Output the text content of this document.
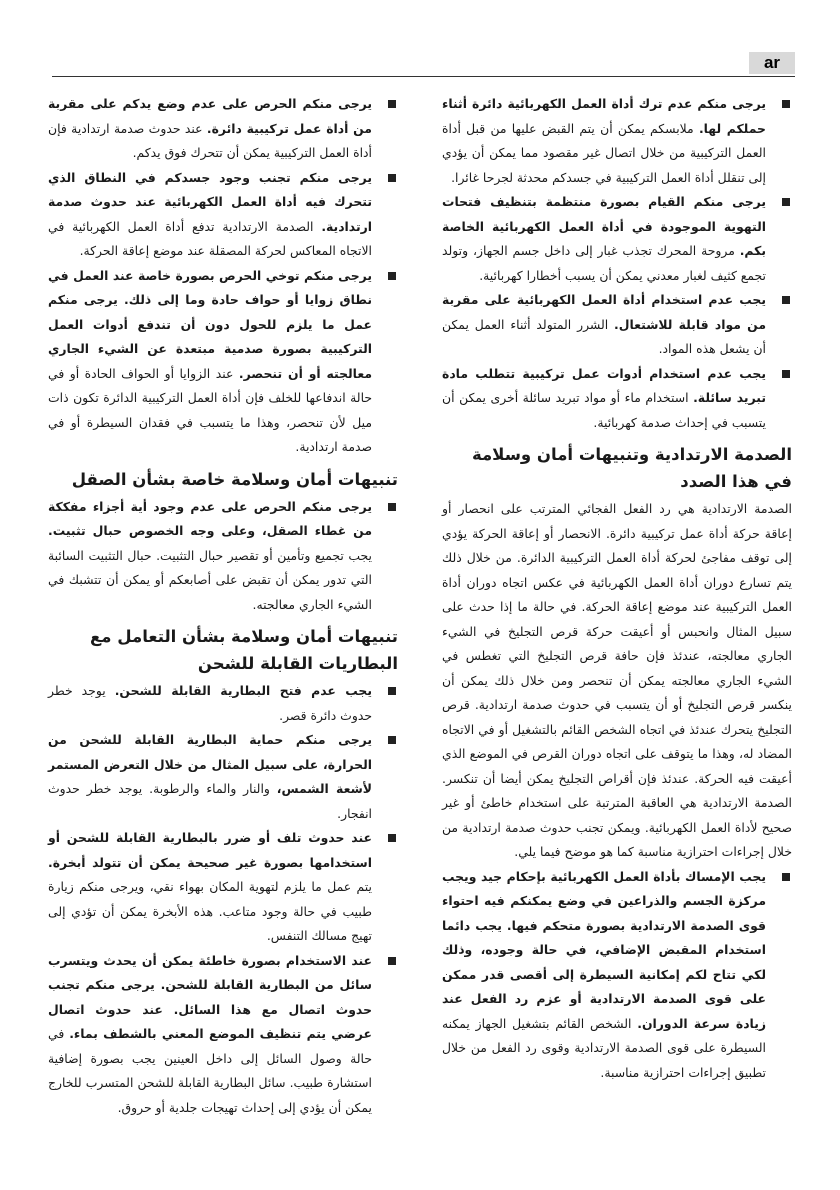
ar
يرجى منكم عدم ترك أداة العمل الكهربائية دائرة أثناء حملكم لها. ملابسكم يمكن أن يتم القبض عليها من قبل أداة العمل التركيبية من خلال اتصال غير مقصود مما يمكن أن يؤدي إلى تنقلل أداة العمل التركيبية في جسدكم محدثة لجرحا غائرا.
يرجى منكم القيام بصورة منتظمة بتنظيف فتحات التهوية الموجودة في أداة العمل الكهربائية الخاصة بكم. مروحة المحرك تجذب غبار إلى داخل جسم الجهاز، وتولد تجمع كثيف لغبار معدني يمكن أن يسبب أخطارا كهربائية.
يجب عدم استخدام أداة العمل الكهربائية على مقربة من مواد قابلة للاشتعال. الشرر المتولد أثناء العمل يمكن أن يشعل هذه المواد.
يجب عدم استخدام أدوات عمل تركيبية تتطلب مادة تبريد سائلة. استخدام ماء أو مواد تبريد سائلة أخرى يمكن أن يتسبب في إحداث صدمة كهربائية.
الصدمة الارتدادية وتنبيهات أمان وسلامة في هذا الصدد

الصدمة الارتدادية هي رد الفعل الفجائي المترتب على انحصار أو إعاقة حركة أداة عمل تركيبية دائرة. الانحصار أو إعاقة الحركة يؤدي إلى توقف مفاجئ لحركة أداة العمل التركيبية الدائرة. من خلال ذلك يتم تسارع دوران أداة العمل الكهربائية في عكس اتجاه دوران أداة العمل التركيبية عند موضع إعاقة الحركة. في حالة ما إذا حدث على سبيل المثال وانحبس أو أعيقت حركة قرص التجليخ في الشيء الجاري معالجته، عندئذ فإن حافة قرص التجليخ التي تغطس في الشيء الجاري معالجته يمكن أن تنحصر ومن خلال ذلك يمكن أن ينكسر قرص التجليخ أو أن يتسبب في حدوث صدمة ارتدادية. قرص التجليخ يتحرك عندئذ في اتجاه الشخص القائم بالتشغيل أو في الاتجاه المضاد له، وهذا ما يتوقف على اتجاه دوران القرص في الموضع الذي أعيقت فيه الحركة. عندئذ فإن أقراص التجليخ يمكن أيضا أن تنكسر. الصدمة الارتدادية هي العاقبة المترتبة على استخدام خاطئ أو غير صحيح لأداة العمل الكهربائية. ويمكن تجنب حدوث صدمة ارتدادية من خلال إجراءات احترازية مناسبة كما هو موضح فيما يلي.

يجب الإمساك بأداة العمل الكهربائية بإحكام جيد ويجب مركزة الجسم والذراعين في وضع يمكنكم فيه احتواء قوى الصدمة الارتدادية بصورة متحكم فيها. يجب دائما استخدام المقبض الإضافي، في حالة وجوده، وذلك لكي تتاح لكم إمكانية السيطرة إلى أقصى قدر ممكن على قوى الصدمة الارتدادية أو عزم رد الفعل عند زيادة سرعة الدوران. الشخص القائم بتشغيل الجهاز يمكنه السيطرة على قوى الصدمة الارتدادية وقوى رد الفعل من خلال تطبيق إجراءات احترازية مناسبة.
يرجى منكم الحرص على عدم وضع يدكم على مقربة من أداة عمل تركيبية دائرة. عند حدوث صدمة ارتدادية فإن أداة العمل التركيبية يمكن أن تتحرك فوق يدكم.
يرجى منكم تجنب وجود جسدكم في النطاق الذي تتحرك فيه أداة العمل الكهربائية عند حدوث صدمة ارتدادية. الصدمة الارتدادية تدفع أداة العمل الكهربائية في الاتجاه المعاكس لحركة المصقلة عند موضع إعاقة الحركة.
يرجى منكم توخي الحرص بصورة خاصة عند العمل في نطاق زوايا أو حواف حادة وما إلى ذلك. يرجى منكم عمل ما يلزم للحول دون أن تندفع أدوات العمل التركيبية بصورة صدمية مبتعدة عن الشيء الجاري معالجته أو أن تنحصر. عند الزوايا أو الحواف الحادة أو في حالة اندفاعها للخلف فإن أداة العمل التركيبية الدائرة تكون ذات ميل لأن تنحصر، وهذا ما يتسبب في فقدان السيطرة أو في صدمة ارتدادية.
تنبيهات أمان وسلامة خاصة بشأن الصقل
يرجى منكم الحرص على عدم وجود أية أجزاء مفككة من غطاء الصقل، وعلى وجه الخصوص حبال تثبيت. يجب تجميع وتأمين أو تقصير حبال التثبيت. حبال التثبيت السائبة التي تدور يمكن أن تقبض على أصابعكم أو يمكن أن تتشبك في الشيء الجاري معالجته.
تنبيهات أمان وسلامة بشأن التعامل مع البطاريات القابلة للشحن
يجب عدم فتح البطارية القابلة للشحن. يوجد خطر حدوث دائرة قصر.
يرجى منكم حماية البطارية القابلة للشحن من الحرارة، على سبيل المثال من خلال التعرض المستمر لأشعة الشمس، والنار والماء والرطوبة. يوجد خطر حدوث انفجار.
عند حدوث تلف أو ضرر بالبطارية القابلة للشحن أو استخدامها بصورة غير صحيحة يمكن أن تتولد أبخرة. يتم عمل ما يلزم لتهوية المكان بهواء نقي، ويرجى منكم زيارة طبيب في حالة وجود متاعب. هذه الأبخرة يمكن أن تؤدي إلى تهيج مسالك التنفس.
عند الاستخدام بصورة خاطئة يمكن أن يحدث ويتسرب سائل من البطارية القابلة للشحن. يرجى منكم تجنب حدوث اتصال مع هذا السائل. عند حدوث اتصال عرضي يتم تنظيف الموضع المعني بالشطف بماء. في حالة وصول السائل إلى داخل العينين يجب بصورة إضافية استشارة طبيب. سائل البطارية القابلة للشحن المتسرب للخارج يمكن أن يؤدي إلى إحداث تهيجات جلدية أو حروق.
